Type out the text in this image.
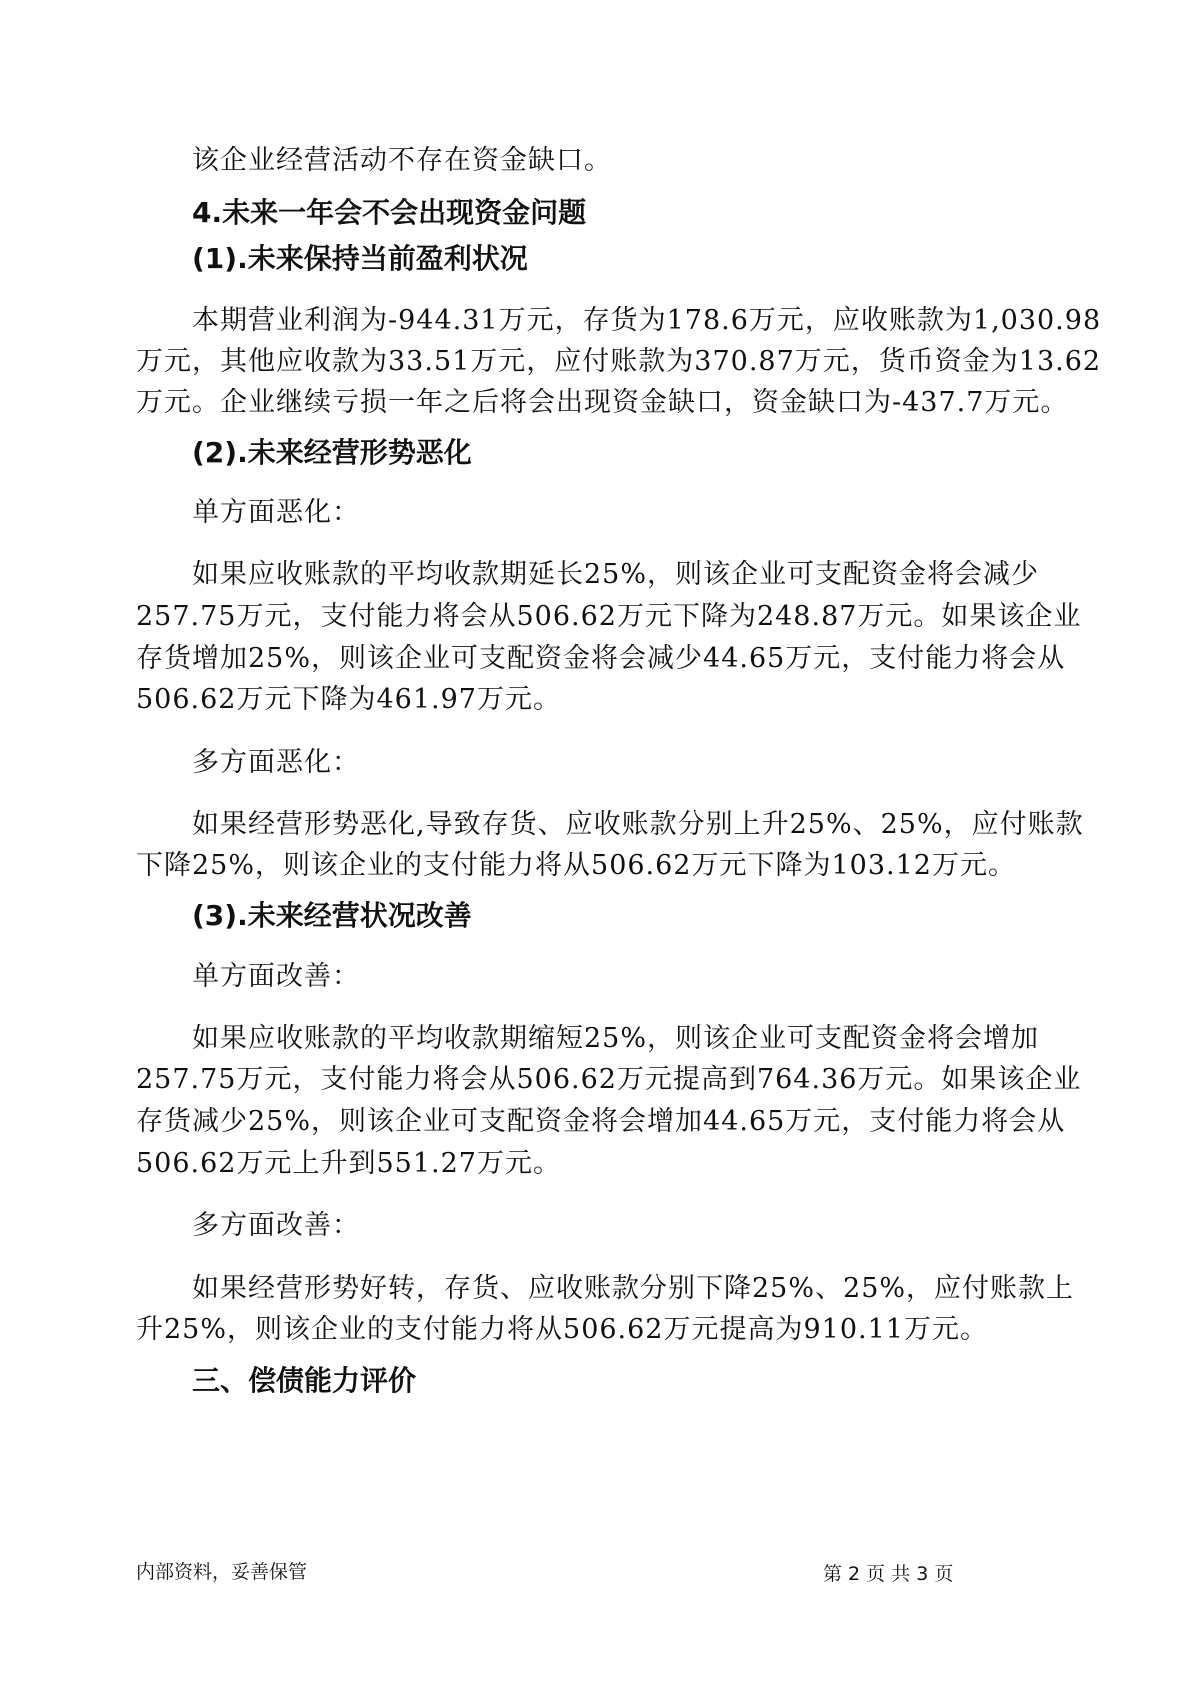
该企业经营活动不存在资金缺口。
4.未来一年会不会出现资金问题
(1).未来保持当前盈利状况
本期营业利润为-944.31万元，存货为178.6万元，应收账款为1,030.98
万元，其他应收款为33.51万元，应付账款为370.87万元，货币资金为13.62
万元。企业继续亏损一年之后将会出现资金缺口，资金缺口为-437.7万元。
(2).未来经营形势恶化
单方面恶化：
如果应收账款的平均收款期延长25%，则该企业可支配资金将会减少
257.75万元，支付能力将会从506.62万元下降为248.87万元。如果该企业
存货增加25%，则该企业可支配资金将会减少44.65万元，支付能力将会从
506.62万元下降为461.97万元。
多方面恶化：
如果经营形势恶化,导致存货、应收账款分别上升25%、25%，应付账款
下降25%，则该企业的支付能力将从506.62万元下降为103.12万元。
(3).未来经营状况改善
单方面改善：
如果应收账款的平均收款期缩短25%，则该企业可支配资金将会增加
257.75万元，支付能力将会从506.62万元提高到764.36万元。如果该企业
存货减少25%，则该企业可支配资金将会增加44.65万元，支付能力将会从
506.62万元上升到551.27万元。
多方面改善：
如果经营形势好转，存货、应收账款分别下降25%、25%，应付账款上
升25%，则该企业的支付能力将从506.62万元提高为910.11万元。
三、偿债能力评价
内部资料，妥善保管	第 2 页 共 3 页
